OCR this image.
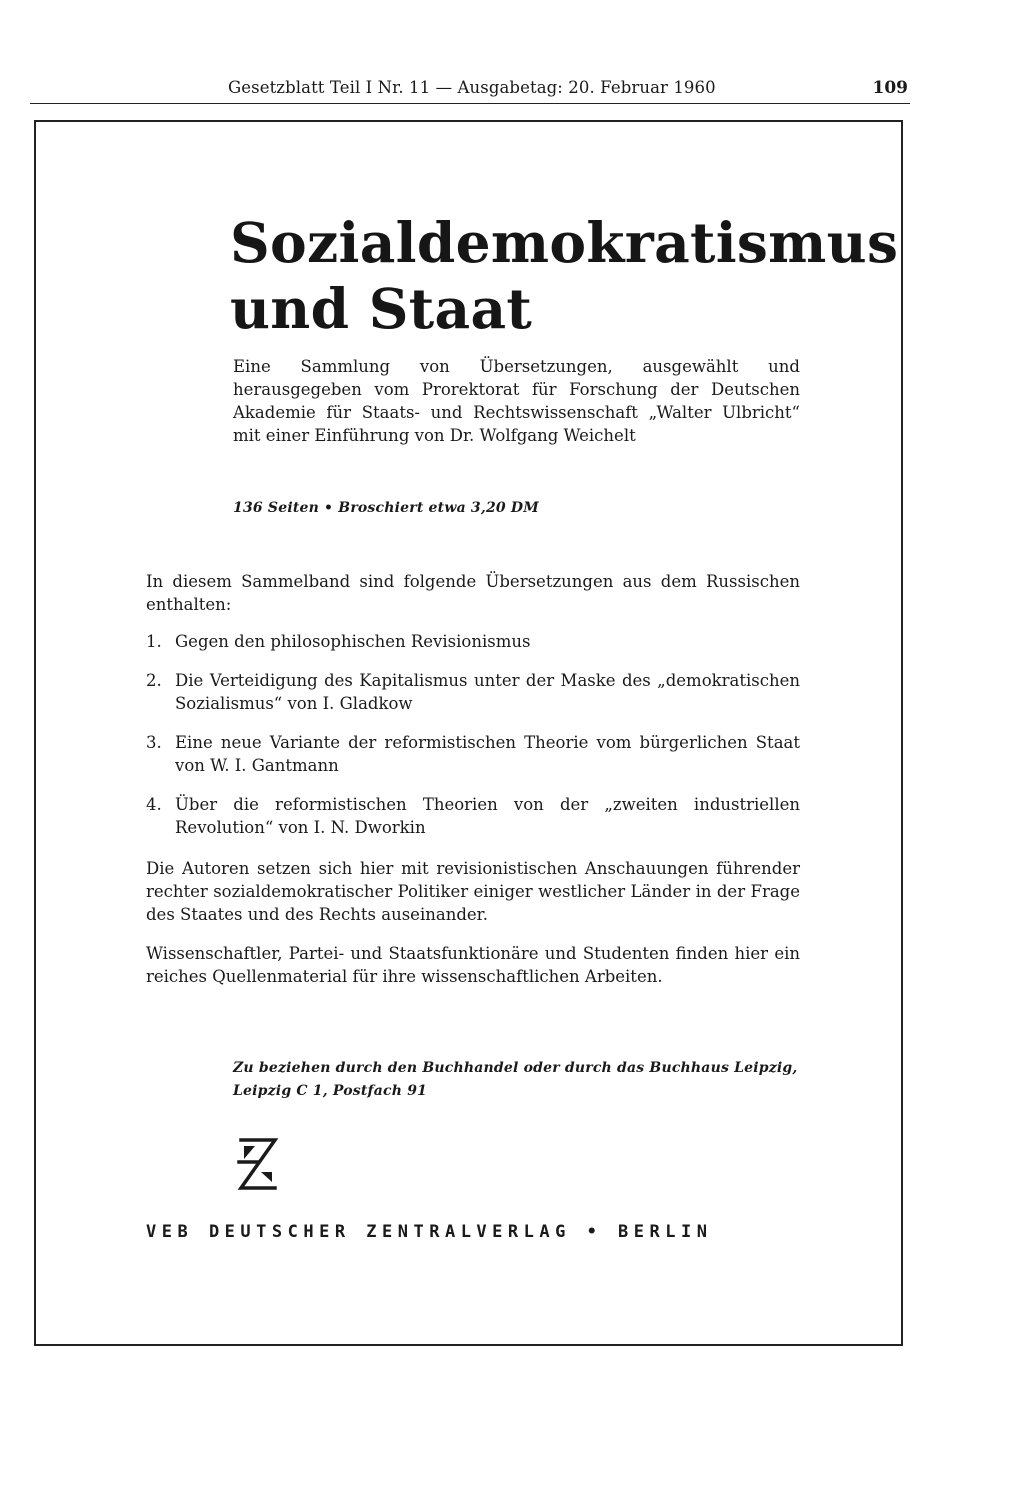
Gesetzblatt Teil I Nr. 11 — Ausgabetag: 20. Februar 1960	109
Sozialdemokratismus
und Staat

Eine Sammlung von Übersetzungen, ausgewählt und herausgegeben vom Prorektorat für Forschung der Deutschen Akademie für Staats- und Rechtswissenschaft „Walter Ulbricht“ mit einer Einführung von Dr. Wolfgang Weichelt

136 Seiten • Broschiert etwa 3,20 DM

In diesem Sammelband sind folgende Übersetzungen aus dem Russischen enthalten:

1. Gegen den philosophischen Revisionismus
2. Die Verteidigung des Kapitalismus unter der Maske des „demokratischen Sozialismus“ von I. Gladkow
3. Eine neue Variante der reformistischen Theorie vom bürgerlichen Staat von W. I. Gantmann
4. Über die reformistischen Theorien von der „zweiten industriellen Revolution“ von I. N. Dworkin

Die Autoren setzen sich hier mit revisionistischen Anschauungen führender rechter sozialdemokratischer Politiker einiger westlicher Länder in der Frage des Staates und des Rechts auseinander.

Wissenschaftler, Partei- und Staatsfunktionäre und Studenten finden hier ein reiches Quellenmaterial für ihre wissenschaftlichen Arbeiten.

Zu beziehen durch den Buchhandel oder durch das Buchhaus Leipzig,
Leipzig C 1, Postfach 91

VEB DEUTSCHER ZENTRALVERLAG • BERLIN
